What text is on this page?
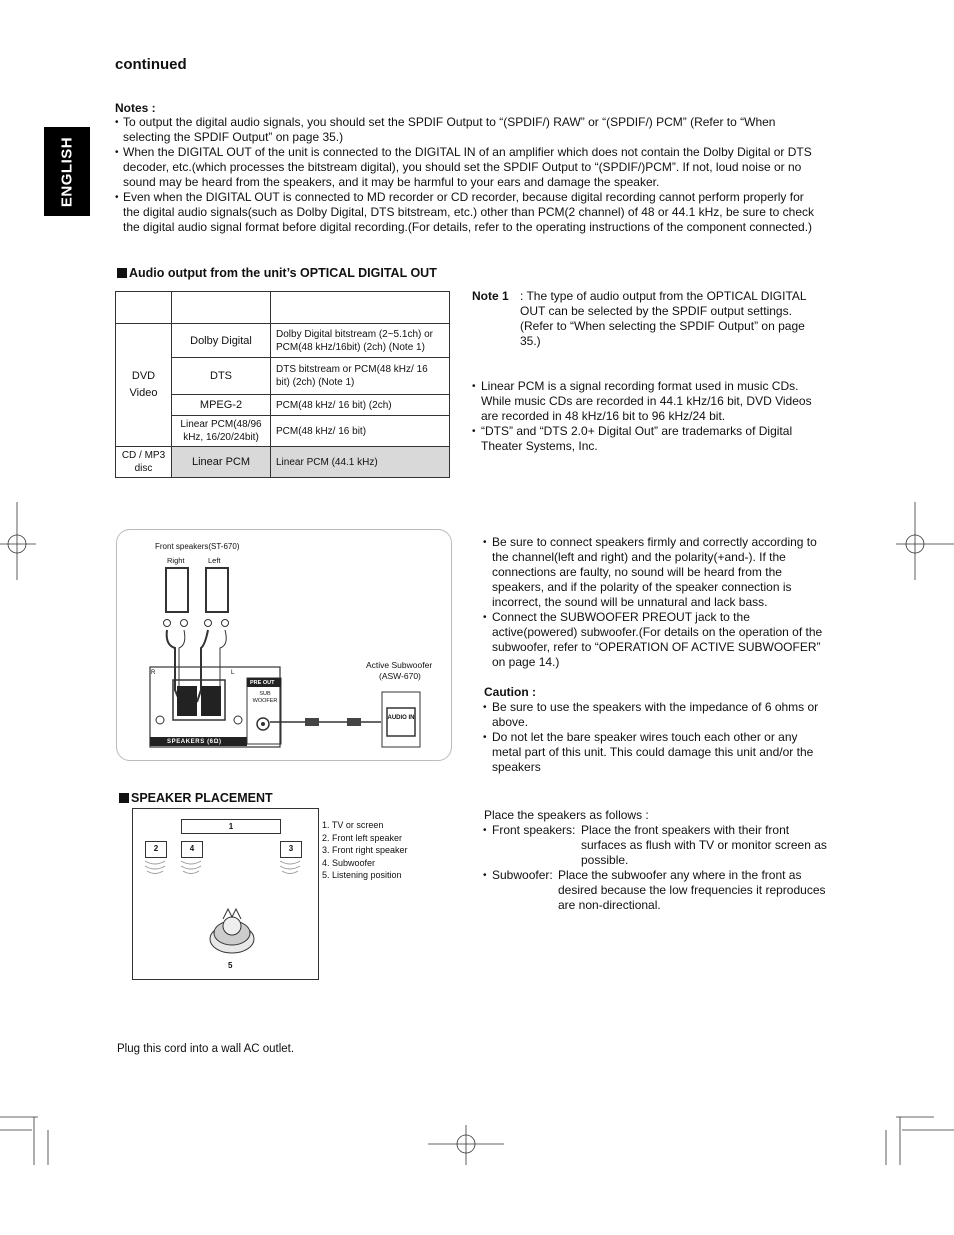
ENGLISH
continued
Notes :
• To output the digital audio signals, you should set the SPDIF Output to “(SPDIF/) RAW” or “(SPDIF/) PCM” (Refer to “When selecting the SPDIF Output” on page 35.)
• When the DIGITAL OUT of the unit is connected to the DIGITAL IN of an amplifier which does not contain the Dolby Digital or DTS decoder, etc.(which processes the bitstream digital), you should set the SPDIF Output to “(SPDIF/)PCM”. If not, loud noise or no sound may be heard from the speakers, and it may be harmful to your ears and damage the speaker.
• Even when the DIGITAL OUT is connected to MD recorder or CD recorder, because digital recording cannot perform properly for the digital audio signals(such as Dolby Digital, DTS bitstream, etc.) other than PCM(2 channel) of 48 or 44.1 kHz, be sure to check the digital audio signal format before digital recording.(For details, refer to the operating instructions of the component connected.)
Audio output from the unit’s OPTICAL DIGITAL OUT

DVD
Video	Dolby Digital	Dolby Digital bitstream (2~5.1ch) or PCM(48 kHz/16bit) (2ch) (Note 1)
	DTS	DTS bitstream or PCM(48 kHz/ 16 bit) (2ch) (Note 1)
	MPEG-2	PCM(48 kHz/ 16 bit) (2ch)
	Linear PCM(48/96 kHz, 16/20/24bit)	PCM(48 kHz/ 16 bit)
CD / MP3 disc	Linear PCM	Linear PCM (44.1 kHz)
Note 1 : The type of audio output from the OPTICAL DIGITAL OUT can be selected by the SPDIF output settings.
(Refer to “When selecting the SPDIF Output” on page 35.)
• Linear PCM is a signal recording format used in music CDs. While music CDs are recorded in 44.1 kHz/16 bit, DVD Videos are recorded in 48 kHz/16 bit to 96 kHz/24 bit.
• “DTS” and “DTS 2.0+ Digital Out” are trademarks of Digital Theater Systems, Inc.
Front speakers(ST-670)
Right	Left
R	L
PRE OUT
SUB WOOFER
SPEAKERS (6Ω)
Active Subwoofer
(ASW-670)
AUDIO IN
• Be sure to connect speakers firmly and correctly according to the channel(left and right) and the polarity(+and-). If the connections are faulty, no sound will be heard from the speakers, and if the polarity of the speaker connection is incorrect, the sound will be unnatural and lack bass.
• Connect the SUBWOOFER PREOUT jack to the active(powered) subwoofer.(For details on the operation of the subwoofer, refer to “OPERATION OF ACTIVE SUBWOOFER” on page 14.)
Caution :
• Be sure to use the speakers with the impedance of 6 ohms or above.
• Do not let the bare speaker wires touch each other or any metal part of this unit. This could damage this unit and/or the speakers
SPEAKER PLACEMENT
1
2	4	3
5
1. TV or screen
2. Front left speaker
3. Front right speaker
4. Subwoofer
5. Listening position
Place the speakers as follows :
• Front speakers: Place the front speakers with their front surfaces as flush with TV or monitor screen as possible.
• Subwoofer: Place the subwoofer any where in the front as desired because the low frequencies it reproduces are non-directional.
Plug this cord into a wall AC outlet.
